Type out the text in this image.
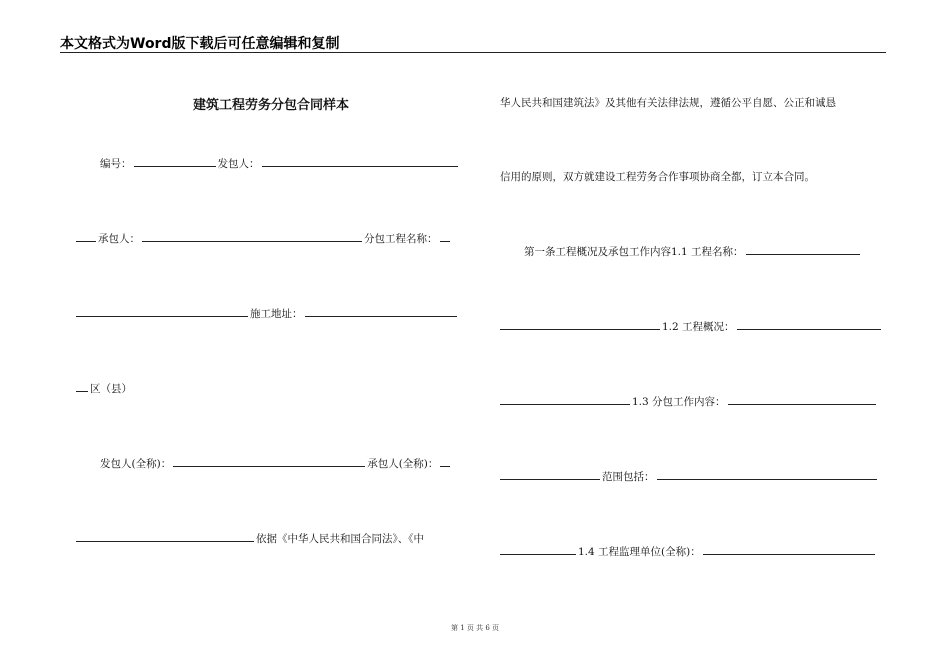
本文格式为Word版下载后可任意编辑和复制
建筑工程劳务分包合同样本
编号：	发包人：
承包人：	分包工程名称：
施工地址：
区（县）
发包人(全称)：	承包人(全称)：
依据《中华人民共和国合同法》、《中
华人民共和国建筑法》及其他有关法律法规，遵循公平自愿、公正和诚恳
信用的原则，双方就建设工程劳务合作事项协商全都，订立本合同。
第一条工程概况及承包工作内容1.1 工程名称：
1.2 工程概况：
1.3 分包工作内容：
范围包括：
1.4 工程监理单位(全称)：
第 1 页 共 6 页
